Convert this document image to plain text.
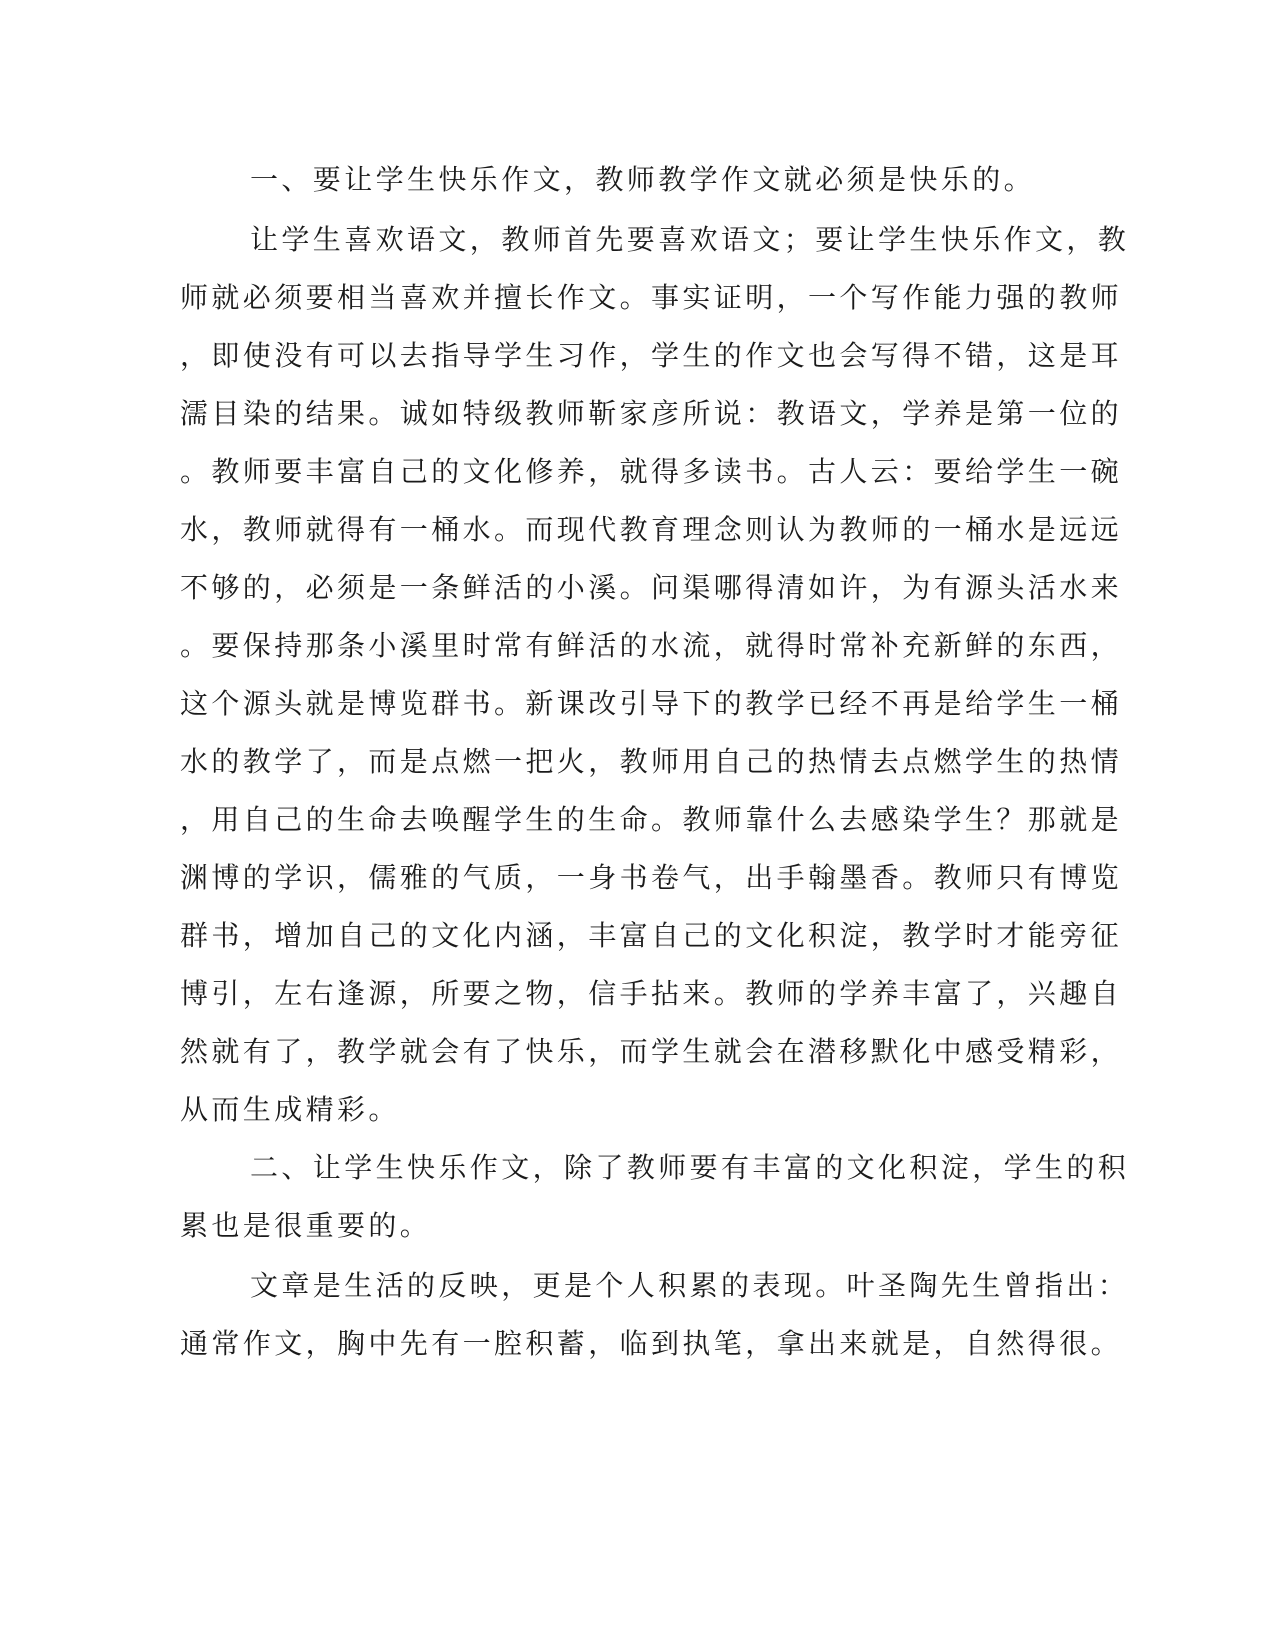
一、要让学生快乐作文，教师教学作文就必须是快乐的。
让学生喜欢语文，教师首先要喜欢语文；要让学生快乐作文，教
师就必须要相当喜欢并擅长作文。事实证明，一个写作能力强的教师
，即使没有可以去指导学生习作，学生的作文也会写得不错，这是耳
濡目染的结果。诚如特级教师靳家彦所说：教语文，学养是第一位的
。教师要丰富自己的文化修养，就得多读书。古人云：要给学生一碗
水，教师就得有一桶水。而现代教育理念则认为教师的一桶水是远远
不够的，必须是一条鲜活的小溪。问渠哪得清如许，为有源头活水来
。要保持那条小溪里时常有鲜活的水流，就得时常补充新鲜的东西，
这个源头就是博览群书。新课改引导下的教学已经不再是给学生一桶
水的教学了，而是点燃一把火，教师用自己的热情去点燃学生的热情
，用自己的生命去唤醒学生的生命。教师靠什么去感染学生？那就是
渊博的学识，儒雅的气质，一身书卷气，出手翰墨香。教师只有博览
群书，增加自己的文化内涵，丰富自己的文化积淀，教学时才能旁征
博引，左右逢源，所要之物，信手拈来。教师的学养丰富了，兴趣自
然就有了，教学就会有了快乐，而学生就会在潜移默化中感受精彩，
从而生成精彩。
二、让学生快乐作文，除了教师要有丰富的文化积淀，学生的积
累也是很重要的。
文章是生活的反映，更是个人积累的表现。叶圣陶先生曾指出：
通常作文，胸中先有一腔积蓄，临到执笔，拿出来就是，自然得很。
